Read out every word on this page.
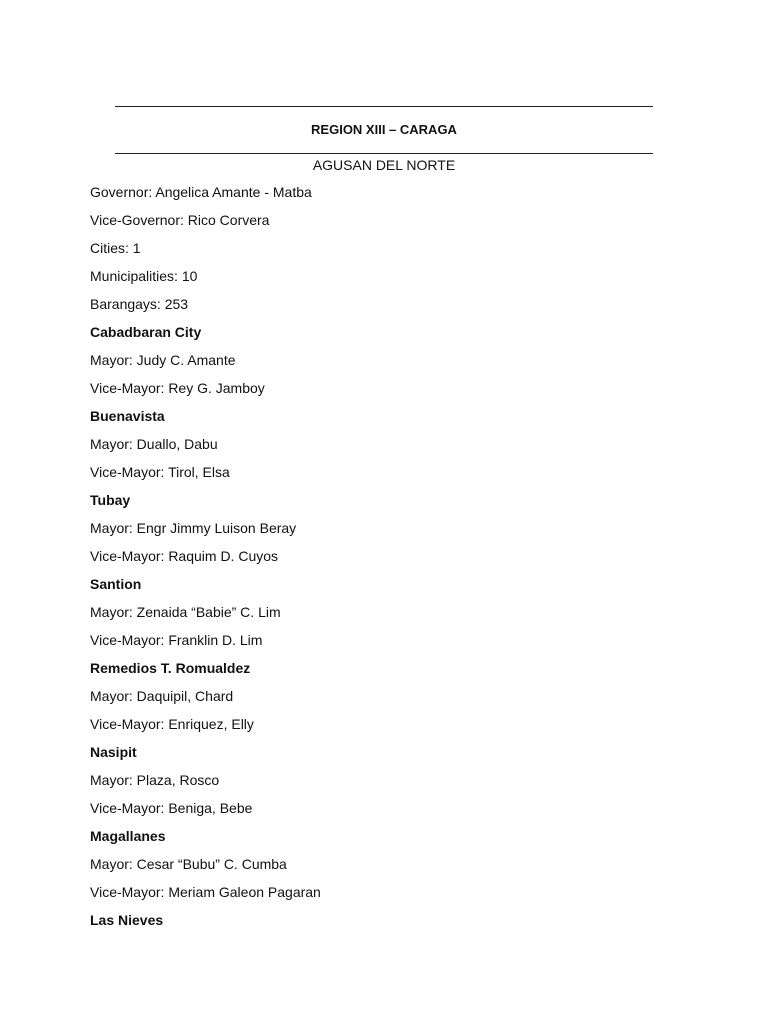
REGION XIII – CARAGA
AGUSAN DEL NORTE
Governor: Angelica Amante - Matba
Vice-Governor: Rico Corvera
Cities: 1
Municipalities: 10
Barangays: 253
Cabadbaran City
Mayor: Judy C. Amante
Vice-Mayor: Rey G. Jamboy
Buenavista
Mayor: Duallo, Dabu
Vice-Mayor: Tirol, Elsa
Tubay
Mayor: Engr Jimmy Luison Beray
Vice-Mayor: Raquim D. Cuyos
Santion
Mayor: Zenaida “Babie” C. Lim
Vice-Mayor: Franklin D. Lim
Remedios T. Romualdez
Mayor: Daquipil, Chard
Vice-Mayor: Enriquez, Elly
Nasipit
Mayor: Plaza, Rosco
Vice-Mayor: Beniga, Bebe
Magallanes
Mayor: Cesar “Bubu” C. Cumba
Vice-Mayor: Meriam Galeon Pagaran
Las Nieves
